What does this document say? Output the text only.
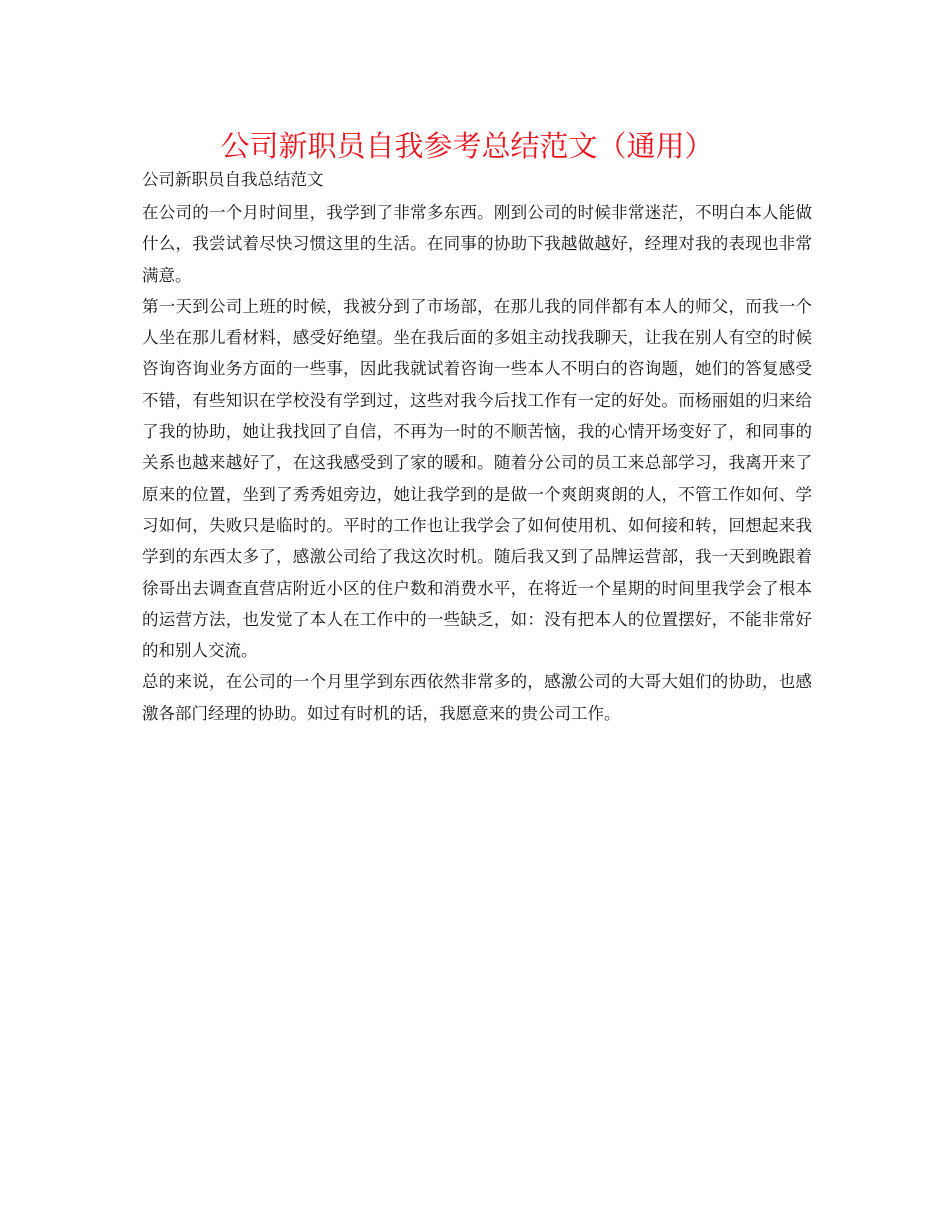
公司新职员自我参考总结范文（通用）

公司新职员自我总结范文

在公司的一个月时间里，我学到了非常多东西。刚到公司的时候非常迷茫，不明白本人能做什么，我尝试着尽快习惯这里的生活。在同事的协助下我越做越好，经理对我的表现也非常满意。

第一天到公司上班的时候，我被分到了市场部，在那儿我的同伴都有本人的师父，而我一个人坐在那儿看材料，感受好绝望。坐在我后面的多姐主动找我聊天，让我在别人有空的时候咨询咨询业务方面的一些事，因此我就试着咨询一些本人不明白的咨询题，她们的答复感受不错，有些知识在学校没有学到过，这些对我今后找工作有一定的好处。而杨丽姐的归来给了我的协助，她让我找回了自信，不再为一时的不顺苦恼，我的心情开场变好了，和同事的关系也越来越好了，在这我感受到了家的暖和。随着分公司的员工来总部学习，我离开来了原来的位置，坐到了秀秀姐旁边，她让我学到的是做一个爽朗爽朗的人，不管工作如何、学习如何，失败只是临时的。平时的工作也让我学会了如何使用机、如何接和转，回想起来我学到的东西太多了，感激公司给了我这次时机。随后我又到了品牌运营部，我一天到晚跟着徐哥出去调查直营店附近小区的住户数和消费水平，在将近一个星期的时间里我学会了根本的运营方法，也发觉了本人在工作中的一些缺乏，如：没有把本人的位置摆好，不能非常好的和别人交流。

总的来说，在公司的一个月里学到东西依然非常多的，感激公司的大哥大姐们的协助，也感激各部门经理的协助。如过有时机的话，我愿意来的贵公司工作。
